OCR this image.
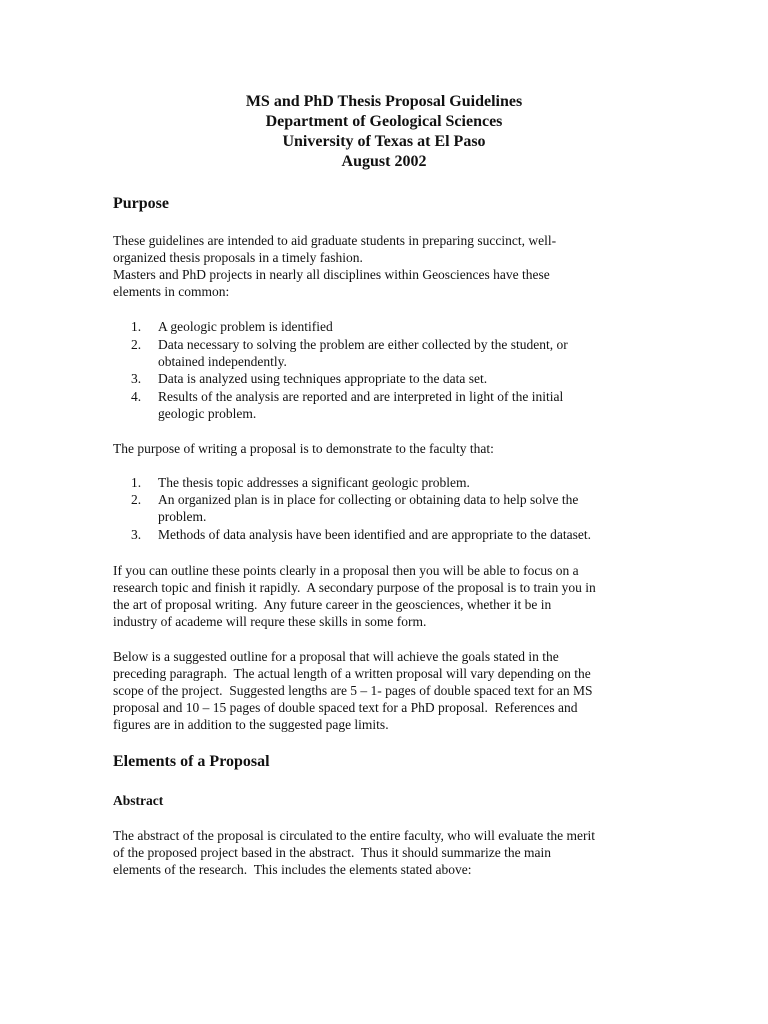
MS and PhD Thesis Proposal Guidelines
Department of Geological Sciences
University of Texas at El Paso
August 2002
Purpose
These guidelines are intended to aid graduate students in preparing succinct, well-
organized thesis proposals in a timely fashion.
Masters and PhD projects in nearly all disciplines within Geosciences have these
elements in common:
1. A geologic problem is identified
2. Data necessary to solving the problem are either collected by the student, or
obtained independently.
3. Data is analyzed using techniques appropriate to the data set.
4. Results of the analysis are reported and are interpreted in light of the initial
geologic problem.
The purpose of writing a proposal is to demonstrate to the faculty that:
1. The thesis topic addresses a significant geologic problem.
2. An organized plan is in place for collecting or obtaining data to help solve the
problem.
3. Methods of data analysis have been identified and are appropriate to the dataset.
If you can outline these points clearly in a proposal then you will be able to focus on a
research topic and finish it rapidly.  A secondary purpose of the proposal is to train you in
the art of proposal writing.  Any future career in the geosciences, whether it be in
industry of academe will requre these skills in some form.
Below is a suggested outline for a proposal that will achieve the goals stated in the
preceding paragraph.  The actual length of a written proposal will vary depending on the
scope of the project.  Suggested lengths are 5 – 1- pages of double spaced text for an MS
proposal and 10 – 15 pages of double spaced text for a PhD proposal.  References and
figures are in addition to the suggested page limits.
Elements of a Proposal
Abstract
The abstract of the proposal is circulated to the entire faculty, who will evaluate the merit
of the proposed project based in the abstract.  Thus it should summarize the main
elements of the research.  This includes the elements stated above:
